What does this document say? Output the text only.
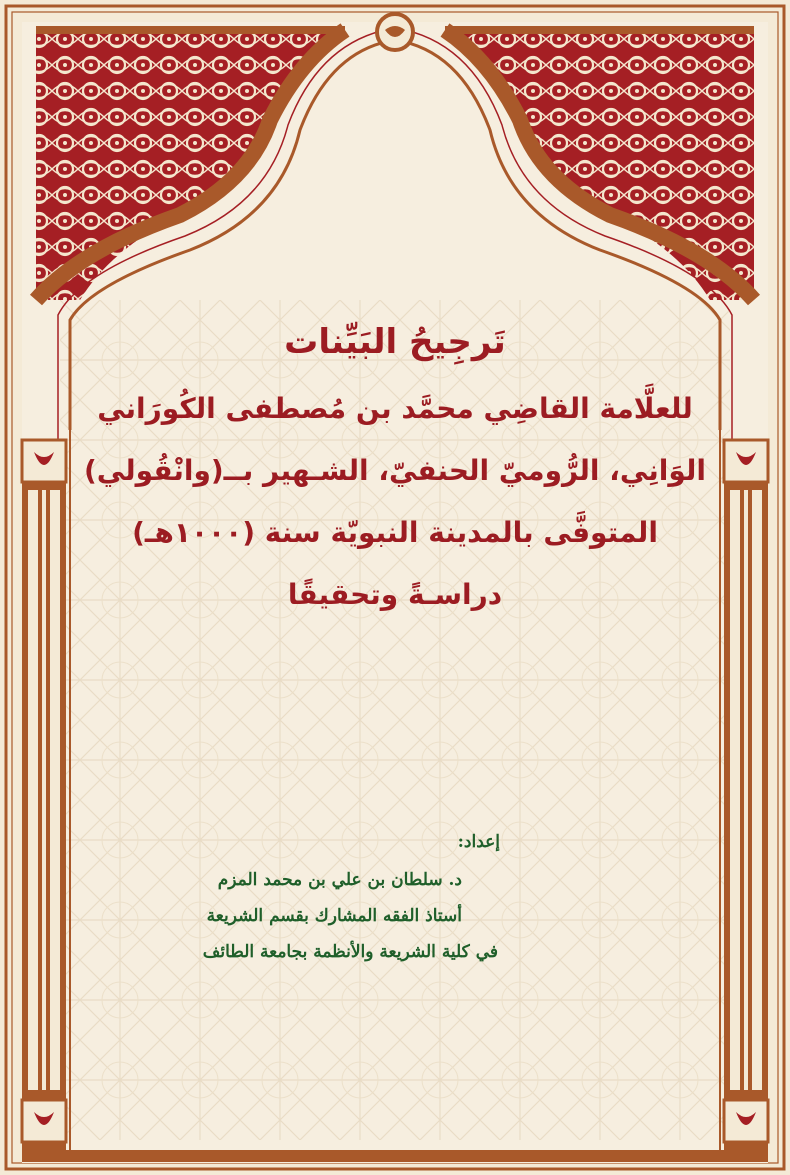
تَرجِيحُ البَيِّنات

للعلَّامة القاضِي محمَّد بن مُصطفى الكُورَاني

الوَانِي، الرُّوميّ الحنفيّ، الشـهير بــ(وانْقُولي)

المتوفَّى بالمدينة النبويّة سنة (١٠٠٠هـ)

دراسـةً وتحقيقًا

إعداد:

د. سلطان بن علي بن محمد المزم

أستاذ الفقه المشارك بقسم الشريعة

في كلية الشريعة والأنظمة بجامعة الطائف
